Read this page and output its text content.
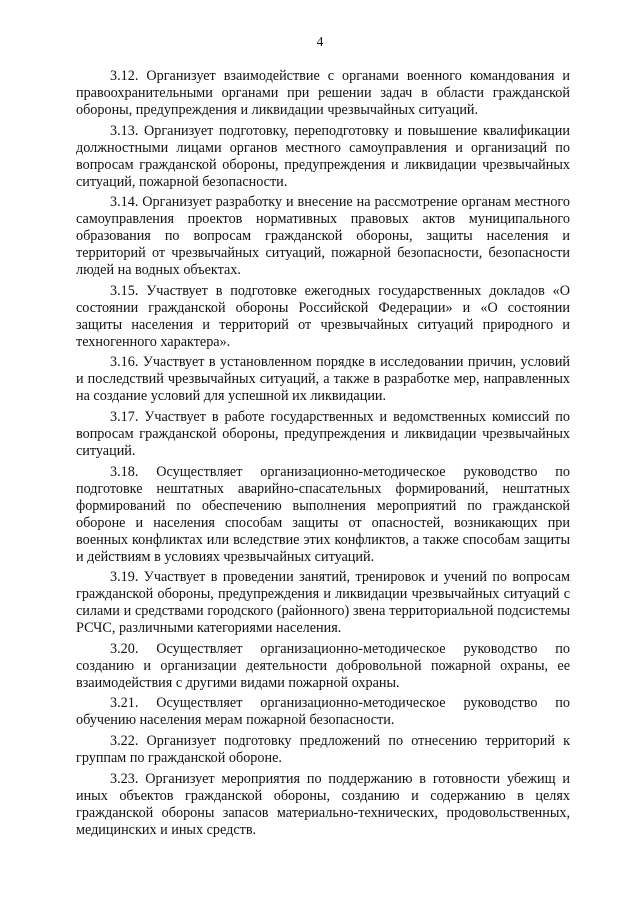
4

3.12. Организует взаимодействие с органами военного командования и правоохранительными органами при решении задач в области гражданской обороны, предупреждения и ликвидации чрезвычайных ситуаций.

3.13. Организует подготовку, переподготовку и повышение квалификации должностными лицами органов местного самоуправления и организаций по вопросам гражданской обороны, предупреждения и ликвидации чрезвычайных ситуаций, пожарной безопасности.

3.14. Организует разработку и внесение на рассмотрение органам местного самоуправления проектов нормативных правовых актов муниципального образования по вопросам гражданской обороны, защиты населения и территорий от чрезвычайных ситуаций, пожарной безопасности, безопасности людей на водных объектах.

3.15. Участвует в подготовке ежегодных государственных докладов «О состоянии гражданской обороны Российской Федерации» и «О состоянии защиты населения и территорий от чрезвычайных ситуаций природного и техногенного характера».

3.16. Участвует в установленном порядке в исследовании причин, условий и последствий чрезвычайных ситуаций, а также в разработке мер, направленных на создание условий для успешной их ликвидации.

3.17. Участвует в работе государственных и ведомственных комиссий по вопросам гражданской обороны, предупреждения и ликвидации чрезвычайных ситуаций.

3.18. Осуществляет организационно-методическое руководство по подготовке нештатных аварийно-спасательных формирований, нештатных формирований по обеспечению выполнения мероприятий по гражданской обороне и населения способам защиты от опасностей, возникающих при военных конфликтах или вследствие этих конфликтов, а также способам защиты и действиям в условиях чрезвычайных ситуаций.

3.19. Участвует в проведении занятий, тренировок и учений по вопросам гражданской обороны, предупреждения и ликвидации чрезвычайных ситуаций с силами и средствами городского (районного) звена территориальной подсистемы РСЧС, различными категориями населения.

3.20. Осуществляет организационно-методическое руководство по созданию и организации деятельности добровольной пожарной охраны, ее взаимодействия с другими видами пожарной охраны.

3.21. Осуществляет организационно-методическое руководство по обучению населения мерам пожарной безопасности.

3.22. Организует подготовку предложений по отнесению территорий к группам по гражданской обороне.

3.23. Организует мероприятия по поддержанию в готовности убежищ и иных объектов гражданской обороны, созданию и содержанию в целях гражданской обороны запасов материально-технических, продовольственных, медицинских и иных средств.
